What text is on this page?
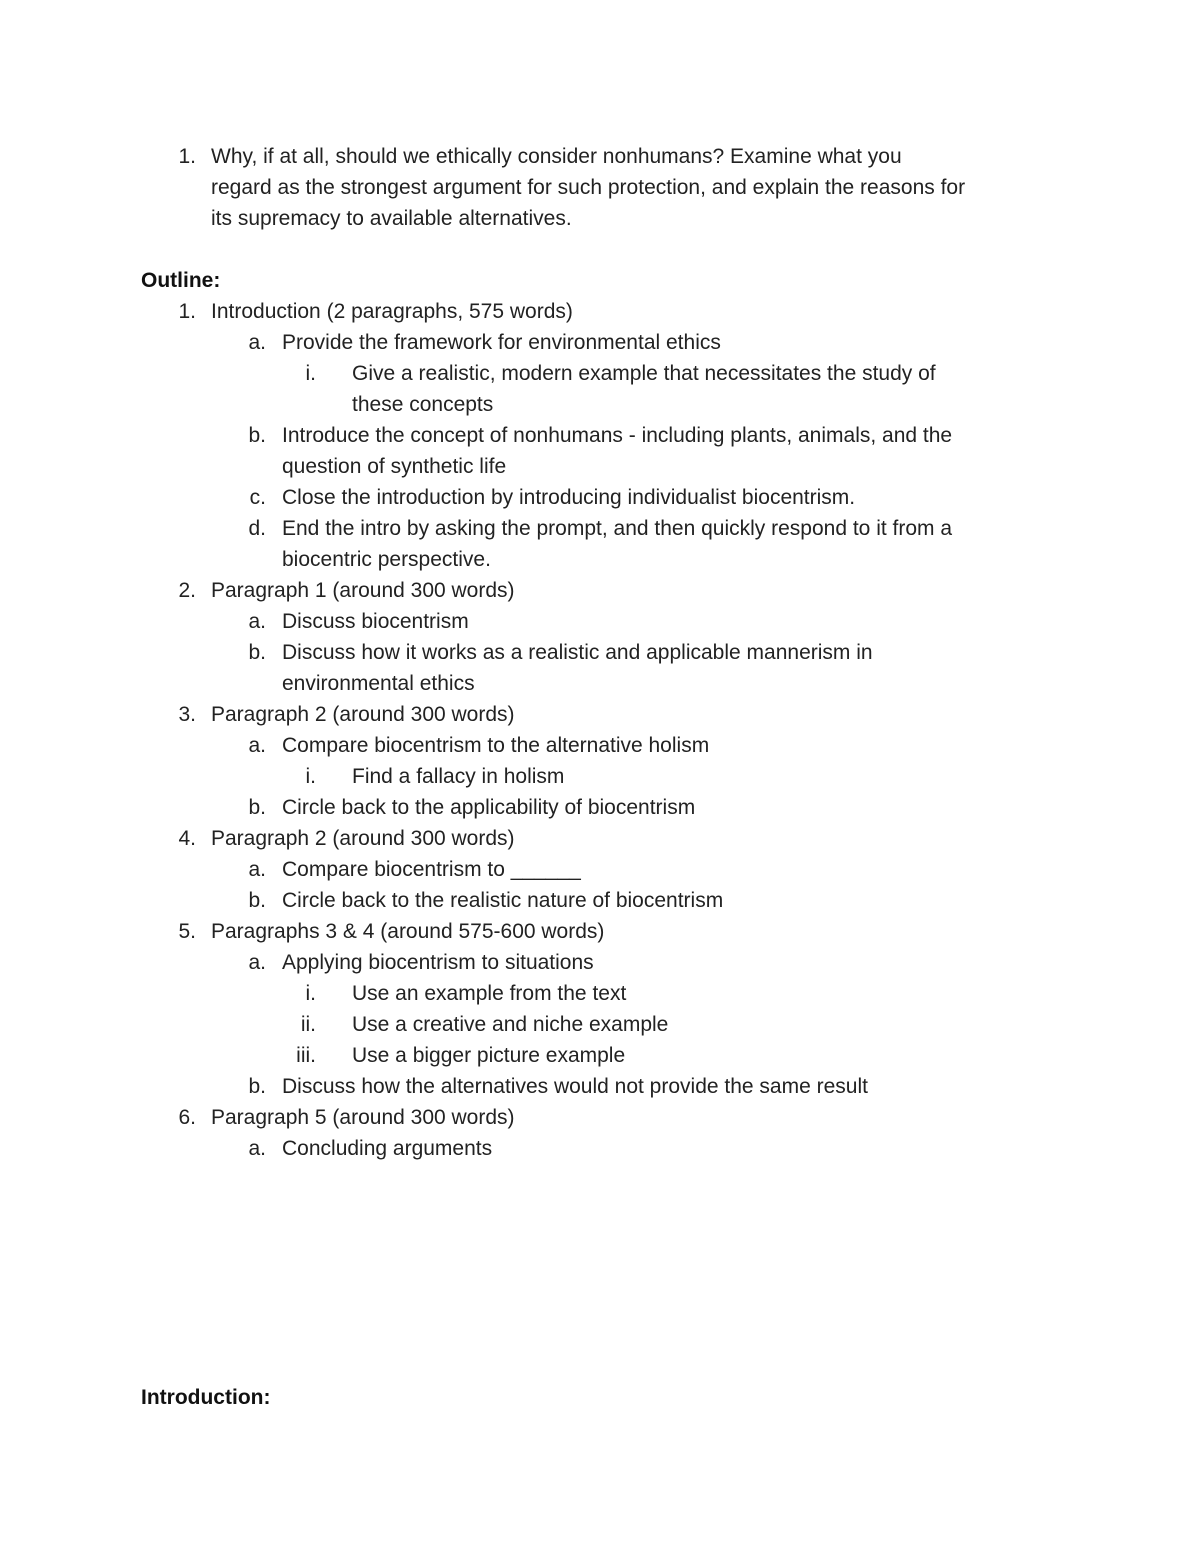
1. Why, if at all, should we ethically consider nonhumans? Examine what you
regard as the strongest argument for such protection, and explain the reasons for
its supremacy to available alternatives.
Outline:
1. Introduction (2 paragraphs, 575 words)
a. Provide the framework for environmental ethics
i. Give a realistic, modern example that necessitates the study of
these concepts
b. Introduce the concept of nonhumans - including plants, animals, and the
question of synthetic life
c. Close the introduction by introducing individualist biocentrism.
d. End the intro by asking the prompt, and then quickly respond to it from a
biocentric perspective.
2. Paragraph 1 (around 300 words)
a. Discuss biocentrism
b. Discuss how it works as a realistic and applicable mannerism in
environmental ethics
3. Paragraph 2 (around 300 words)
a. Compare biocentrism to the alternative holism
i. Find a fallacy in holism
b. Circle back to the applicability of biocentrism
4. Paragraph 2 (around 300 words)
a. Compare biocentrism to ______
b. Circle back to the realistic nature of biocentrism
5. Paragraphs 3 & 4 (around 575-600 words)
a. Applying biocentrism to situations
i. Use an example from the text
ii. Use a creative and niche example
iii. Use a bigger picture example
b. Discuss how the alternatives would not provide the same result
6. Paragraph 5 (around 300 words)
a. Concluding arguments
Introduction:
